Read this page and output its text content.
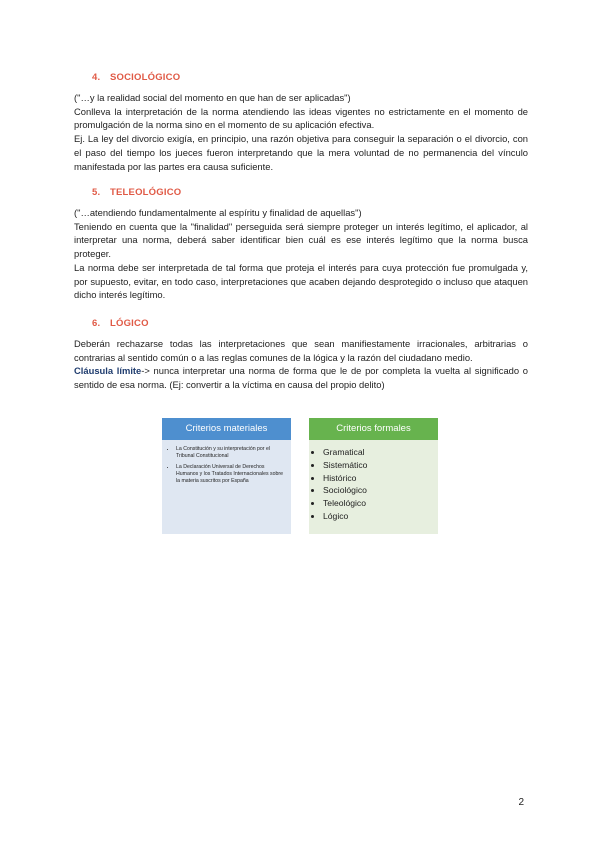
4. SOCIOLÓGICO

("…y la realidad social del momento en que han de ser aplicadas")

Conlleva la interpretación de la norma atendiendo las ideas vigentes no estrictamente en el momento de promulgación de la norma sino en el momento de su aplicación efectiva.

Ej. La ley del divorcio exigía, en principio, una razón objetiva para conseguir la separación o el divorcio, con el paso del tiempo los jueces fueron interpretando que la mera voluntad de no permanencia del vínculo manifestada por las partes era causa suficiente.

5. TELEOLÓGICO

("…atendiendo fundamentalmente al espíritu y finalidad de aquellas")

Teniendo en cuenta que la "finalidad" perseguida será siempre proteger un interés legítimo, el aplicador, al interpretar una norma, deberá saber identificar bien cuál es ese interés legítimo que la norma busca proteger.

La norma debe ser interpretada de tal forma que proteja el interés para cuya protección fue promulgada y, por supuesto, evitar, en todo caso, interpretaciones que acaben dejando desprotegido o incluso que ataquen dicho interés legítimo.

6. LÓGICO

Deberán rechazarse todas las interpretaciones que sean manifiestamente irracionales, arbitrarias o contrarias al sentido común o a las reglas comunes de la lógica y la razón del ciudadano medio.

Cláusula límite-> nunca interpretar una norma de forma que le de por completa la vuelta al significado o sentido de esa norma. (Ej: convertir a la víctima en causa del propio delito)

Criterios materiales
• La Constitución y su interpretación por el Tribunal Constitucional
• La Declaración Universal de Derechos Humanos y los Tratados Internacionales sobre la materia suscritos por España
Criterios formales
• Gramatical
• Sistemático
• Histórico
• Sociológico
• Teleológico
• Lógico
2
